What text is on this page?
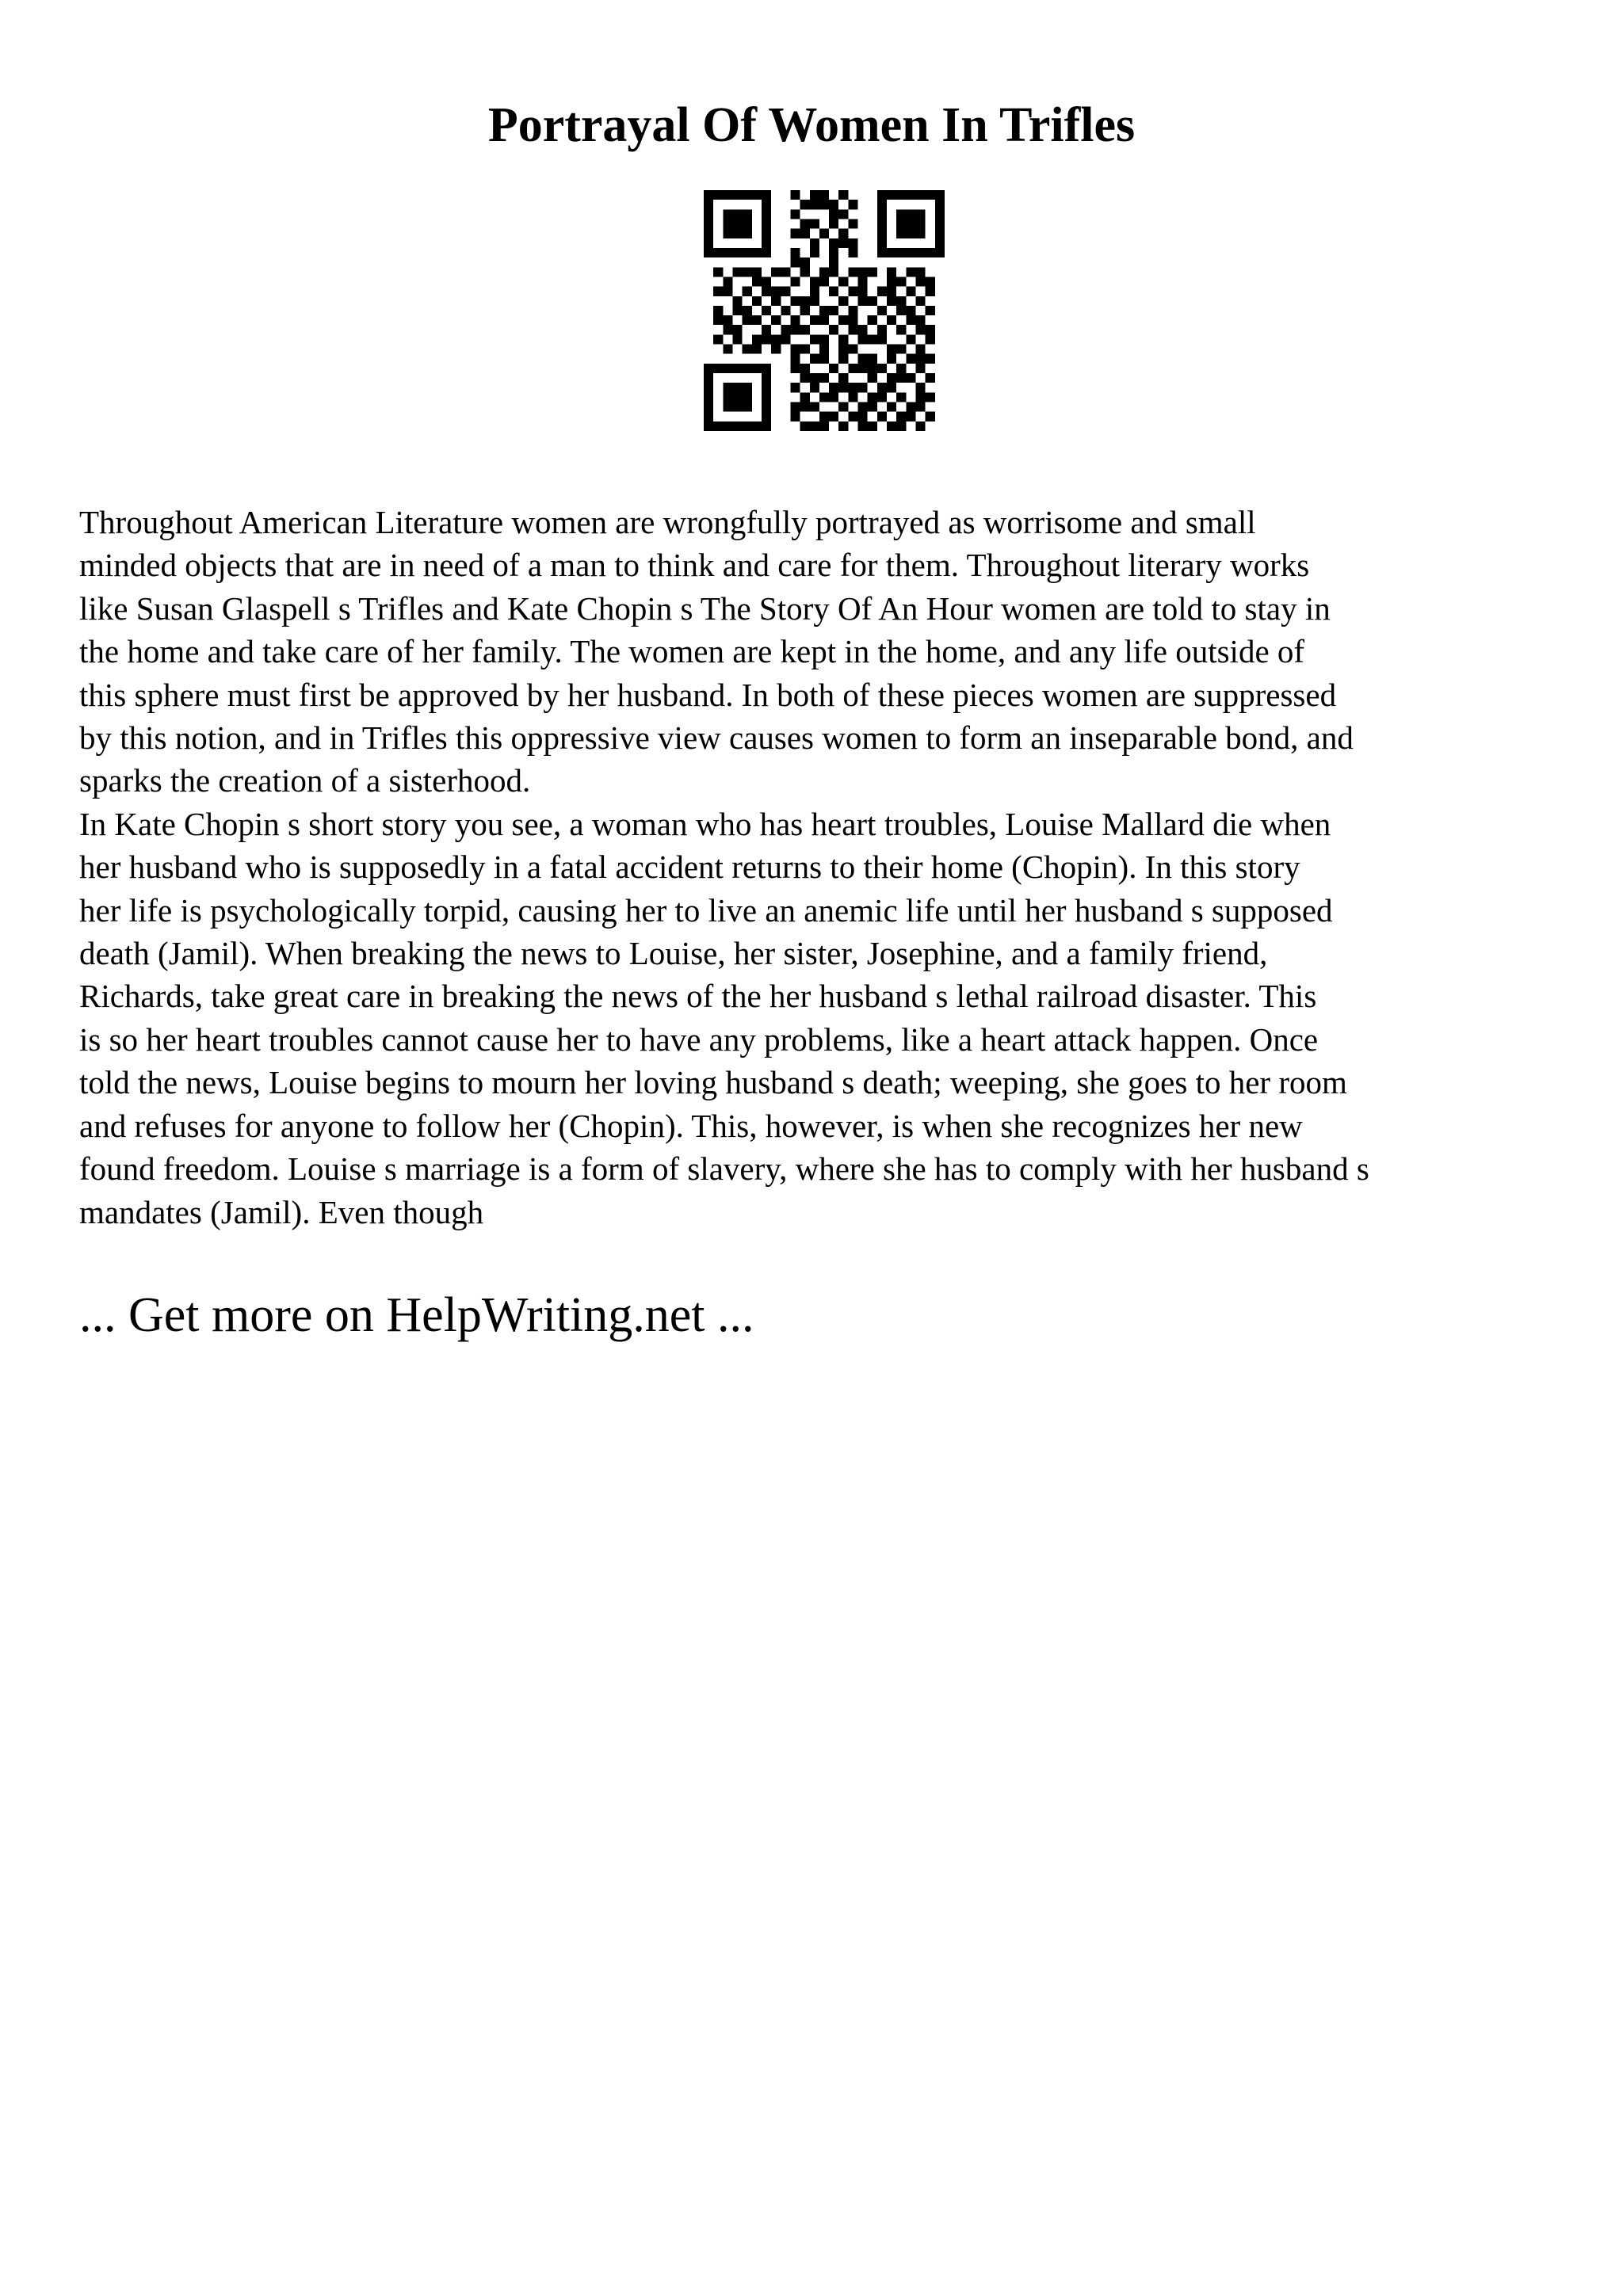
Portrayal Of Women In Trifles
Throughout American Literature women are wrongfully portrayed as worrisome and small
minded objects that are in need of a man to think and care for them. Throughout literary works
like Susan Glaspell s Trifles and Kate Chopin s The Story Of An Hour women are told to stay in
the home and take care of her family. The women are kept in the home, and any life outside of
this sphere must first be approved by her husband. In both of these pieces women are suppressed
by this notion, and in Trifles this oppressive view causes women to form an inseparable bond, and
sparks the creation of a sisterhood.
In Kate Chopin s short story you see, a woman who has heart troubles, Louise Mallard die when
her husband who is supposedly in a fatal accident returns to their home (Chopin). In this story
her life is psychologically torpid, causing her to live an anemic life until her husband s supposed
death (Jamil). When breaking the news to Louise, her sister, Josephine, and a family friend,
Richards, take great care in breaking the news of the her husband s lethal railroad disaster. This
is so her heart troubles cannot cause her to have any problems, like a heart attack happen. Once
told the news, Louise begins to mourn her loving husband s death; weeping, she goes to her room
and refuses for anyone to follow her (Chopin). This, however, is when she recognizes her new
found freedom. Louise s marriage is a form of slavery, where she has to comply with her husband s
mandates (Jamil). Even though
... Get more on HelpWriting.net ...
